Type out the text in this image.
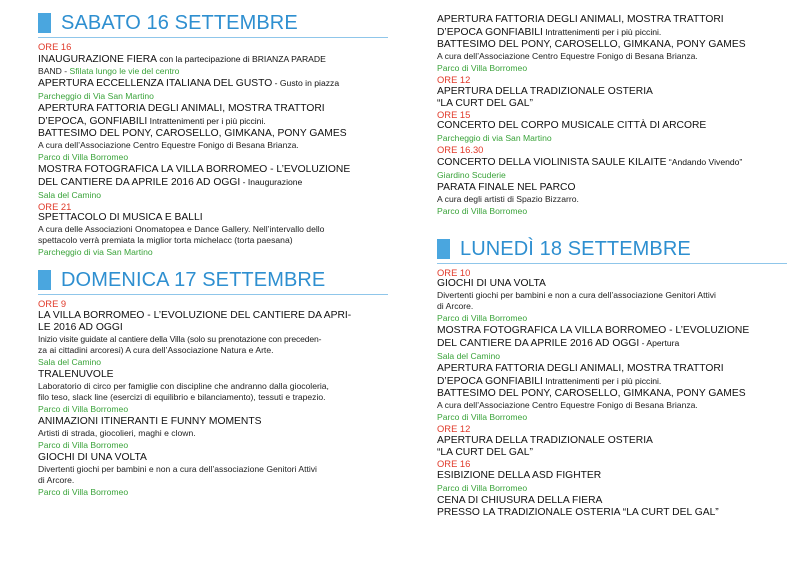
SABATO 16 SETTEMBRE
ORE 16
INAUGURAZIONE FIERA con la partecipazione di BRIANZA PARADE
BAND - Sfilata lungo le vie del centro
APERTURA ECCELLENZA ITALIANA DEL GUSTO - Gusto in piazza
Parcheggio di Via San Martino
APERTURA FATTORIA DEGLI ANIMALI, MOSTRA TRATTORI
D’EPOCA, GONFIABILI Intrattenimenti per i più piccini.
BATTESIMO DEL PONY, CAROSELLO, GIMKANA, PONY GAMES
A cura dell’Associazione Centro Equestre Fonigo di Besana Brianza.
Parco di Villa Borromeo
MOSTRA FOTOGRAFICA LA VILLA BORROMEO - L’EVOLUZIONE
DEL CANTIERE DA APRILE 2016 AD OGGI - Inaugurazione
Sala del Camino
ORE 21
SPETTACOLO DI MUSICA E BALLI
A cura delle Associazioni Onomatopea e Dance Gallery. Nell’intervallo dello
spettacolo verrà premiata la miglior torta michelacc (torta paesana)
Parcheggio di via San Martino
DOMENICA 17 SETTEMBRE
ORE 9
LA VILLA BORROMEO - L’EVOLUZIONE DEL CANTIERE DA APRI-
LE 2016 AD OGGI
Inizio visite guidate al cantiere della Villa (solo su prenotazione con preceden-
za ai cittadini arcoresi) A cura dell’Associazione Natura e Arte.
Sala del Camino
TRALENUVOLE
Laboratorio di circo per famiglie con discipline che andranno dalla giocoleria,
filo teso, slack line (esercizi di equilibrio e bilanciamento), tessuti e trapezio.
Parco di Villa Borromeo
ANIMAZIONI ITINERANTI E FUNNY MOMENTS
Artisti di strada, giocolieri, maghi e clown.
Parco di Villa Borromeo
GIOCHI DI UNA VOLTA
Divertenti giochi per bambini e non a cura dell’associazione Genitori Attivi
di Arcore.
Parco di Villa Borromeo
APERTURA FATTORIA DEGLI ANIMALI, MOSTRA TRATTORI
D’EPOCA GONFIABILI Intrattenimenti per i più piccini.
BATTESIMO DEL PONY, CAROSELLO, GIMKANA, PONY GAMES
A cura dell’Associazione Centro Equestre Fonigo di Besana Brianza.
Parco di Villa Borromeo
ORE 12
APERTURA DELLA TRADIZIONALE OSTERIA
“LA CURT DEL GAL”
ORE 15
CONCERTO DEL CORPO MUSICALE CITTÀ DI ARCORE
Parcheggio di via San Martino
ORE 16.30
CONCERTO DELLA VIOLINISTA SAULE KILAITE “Andando Vivendo”
Giardino Scuderie
PARATA FINALE NEL PARCO
A cura degli artisti di Spazio Bizzarro.
Parco di Villa Borromeo
LUNEDÌ 18 SETTEMBRE
ORE 10
GIOCHI DI UNA VOLTA
Divertenti giochi per bambini e non a cura dell’associazione Genitori Attivi
di Arcore.
Parco di Villa Borromeo
MOSTRA FOTOGRAFICA LA VILLA BORROMEO - L’EVOLUZIONE
DEL CANTIERE DA APRILE 2016 AD OGGI - Apertura
Sala del Camino
APERTURA FATTORIA DEGLI ANIMALI, MOSTRA TRATTORI
D’EPOCA GONFIABILI Intrattenimenti per i più piccini.
BATTESIMO DEL PONY, CAROSELLO, GIMKANA, PONY GAMES
A cura dell’Associazione Centro Equestre Fonigo di Besana Brianza.
Parco di Villa Borromeo
ORE 12
APERTURA DELLA TRADIZIONALE OSTERIA
“LA CURT DEL GAL”
ORE 16
ESIBIZIONE DELLA ASD FIGHTER
Parco di Villa Borromeo
CENA DI CHIUSURA DELLA FIERA
PRESSO LA TRADIZIONALE OSTERIA “LA CURT DEL GAL”
